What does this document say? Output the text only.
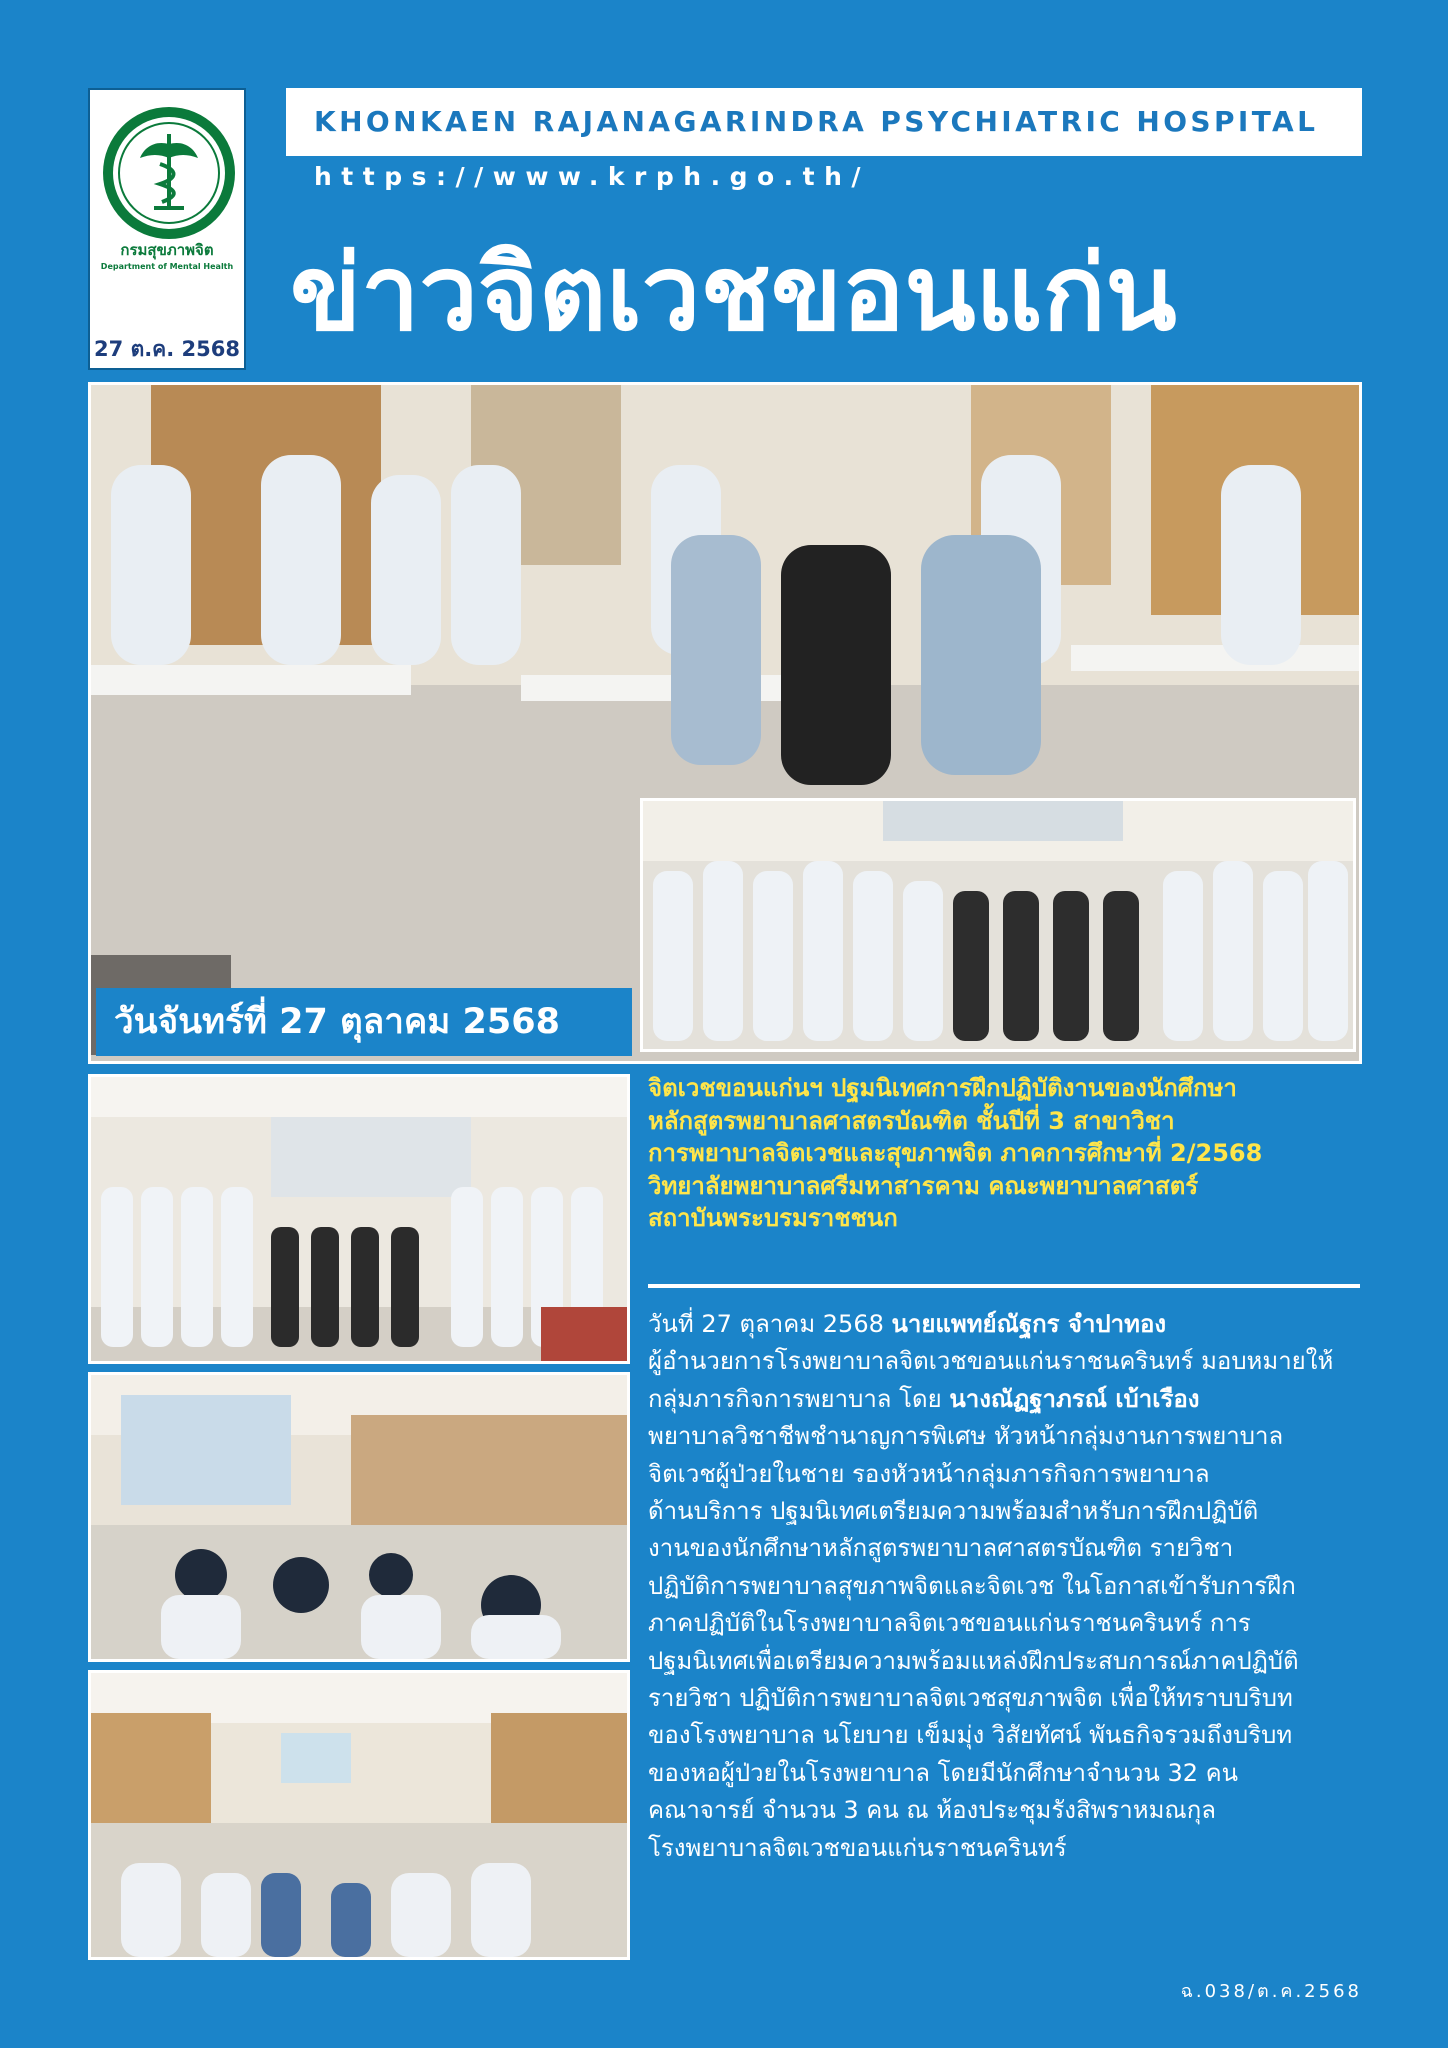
กรมสุขภาพจิต
Department of Mental Health
27 ต.ค. 2568
KHONKAEN RAJANAGARINDRA PSYCHIATRIC HOSPITAL
https://www.krph.go.th/
ข่าวจิตเวชขอนแก่น
วันจันทร์ที่ 27 ตุลาคม 2568
จิตเวชขอนแก่นฯ ปฐมนิเทศการฝึกปฏิบัติงานของนักศึกษา
หลักสูตรพยาบาลศาสตรบัณฑิต ชั้นปีที่ 3 สาขาวิชา
การพยาบาลจิตเวชและสุขภาพจิต ภาคการศึกษาที่ 2/2568
วิทยาลัยพยาบาลศรีมหาสารคาม คณะพยาบาลศาสตร์
สถาบันพระบรมราชชนก
วันที่ 27 ตุลาคม 2568 นายแพทย์ณัฐกร จำปาทอง
ผู้อำนวยการโรงพยาบาลจิตเวชขอนแก่นราชนครินทร์ มอบหมายให้
กลุ่มภารกิจการพยาบาล โดย นางณัฏฐาภรณ์ เบ้าเรือง
พยาบาลวิชาชีพชำนาญการพิเศษ หัวหน้ากลุ่มงานการพยาบาล
จิตเวชผู้ป่วยในชาย รองหัวหน้ากลุ่มภารกิจการพยาบาล
ด้านบริการ ปฐมนิเทศเตรียมความพร้อมสำหรับการฝึกปฏิบัติ
งานของนักศึกษาหลักสูตรพยาบาลศาสตรบัณฑิต รายวิชา
ปฏิบัติการพยาบาลสุขภาพจิตและจิตเวช ในโอกาสเข้ารับการฝึก
ภาคปฏิบัติในโรงพยาบาลจิตเวชขอนแก่นราชนครินทร์ การ
ปฐมนิเทศเพื่อเตรียมความพร้อมแหล่งฝึกประสบการณ์ภาคปฏิบัติ
รายวิชา ปฏิบัติการพยาบาลจิตเวชสุขภาพจิต เพื่อให้ทราบบริบท
ของโรงพยาบาล นโยบาย เข็มมุ่ง วิสัยทัศน์ พันธกิจรวมถึงบริบท
ของหอผู้ป่วยในโรงพยาบาล โดยมีนักศึกษาจำนวน 32 คน
คณาจารย์ จำนวน 3 คน ณ ห้องประชุมรังสิพราหมณกุล
โรงพยาบาลจิตเวชขอนแก่นราชนครินทร์
ฉ.038/ต.ค.2568
